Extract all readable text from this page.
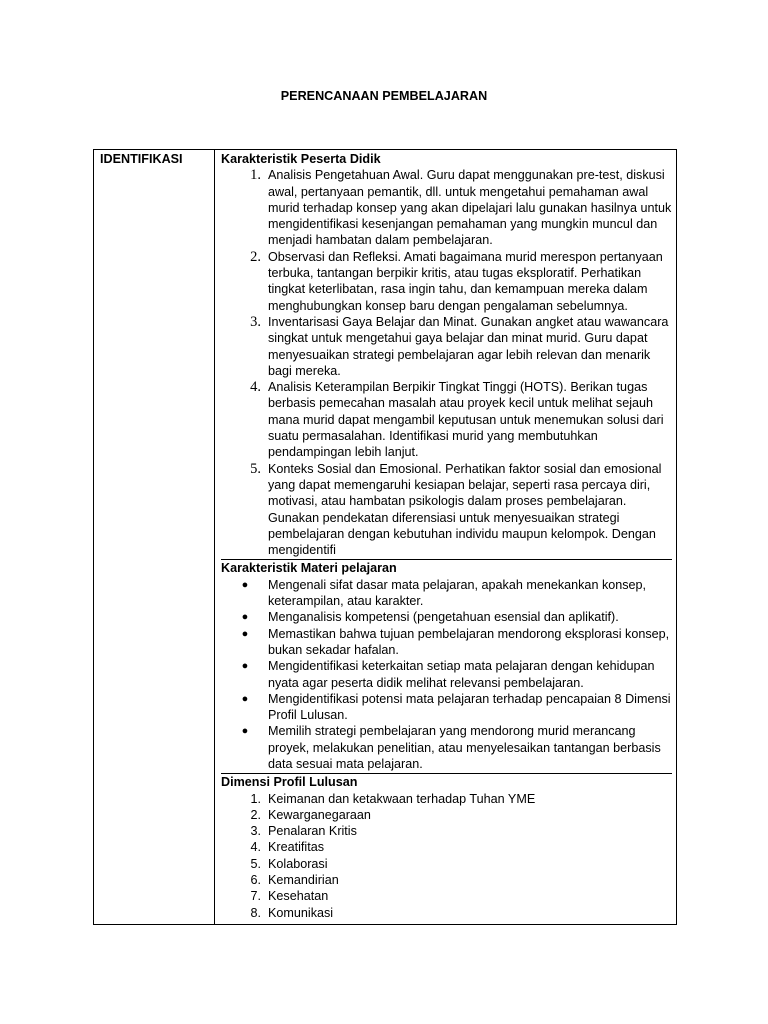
PERENCANAAN PEMBELAJARAN
IDENTIFIKASI	Karakteristik Peserta Didik
1. Analisis Pengetahuan Awal. Guru dapat menggunakan pre-test, diskusi awal, pertanyaan pemantik, dll. untuk mengetahui pemahaman awal murid terhadap konsep yang akan dipelajari lalu gunakan hasilnya untuk mengidentifikasi kesenjangan pemahaman yang mungkin muncul dan menjadi hambatan dalam pembelajaran.
2. Observasi dan Refleksi. Amati bagaimana murid merespon pertanyaan terbuka, tantangan berpikir kritis, atau tugas eksploratif. Perhatikan tingkat keterlibatan, rasa ingin tahu, dan kemampuan mereka dalam menghubungkan konsep baru dengan pengalaman sebelumnya.
3. Inventarisasi Gaya Belajar dan Minat. Gunakan angket atau wawancara singkat untuk mengetahui gaya belajar dan minat murid. Guru dapat menyesuaikan strategi pembelajaran agar lebih relevan dan menarik bagi mereka.
4. Analisis Keterampilan Berpikir Tingkat Tinggi (HOTS). Berikan tugas berbasis pemecahan masalah atau proyek kecil untuk melihat sejauh mana murid dapat mengambil keputusan untuk menemukan solusi dari suatu permasalahan. Identifikasi murid yang membutuhkan pendampingan lebih lanjut.
5. Konteks Sosial dan Emosional. Perhatikan faktor sosial dan emosional yang dapat memengaruhi kesiapan belajar, seperti rasa percaya diri, motivasi, atau hambatan psikologis dalam proses pembelajaran. Gunakan pendekatan diferensiasi untuk menyesuaikan strategi pembelajaran dengan kebutuhan individu maupun kelompok. Dengan mengidentifi
Karakteristik Materi pelajaran
● Mengenali sifat dasar mata pelajaran, apakah menekankan konsep, keterampilan, atau karakter.
● Menganalisis kompetensi (pengetahuan esensial dan aplikatif).
● Memastikan bahwa tujuan pembelajaran mendorong eksplorasi konsep, bukan sekadar hafalan.
● Mengidentifikasi keterkaitan setiap mata pelajaran dengan kehidupan nyata agar peserta didik melihat relevansi pembelajaran.
● Mengidentifikasi potensi mata pelajaran terhadap pencapaian 8 Dimensi Profil Lulusan.
● Memilih strategi pembelajaran yang mendorong murid merancang proyek, melakukan penelitian, atau menyelesaikan tantangan berbasis data sesuai mata pelajaran.
Dimensi Profil Lulusan
1. Keimanan dan ketakwaan terhadap Tuhan YME
2. Kewarganegaraan
3. Penalaran Kritis
4. Kreatifitas
5. Kolaborasi
6. Kemandirian
7. Kesehatan
8. Komunikasi
